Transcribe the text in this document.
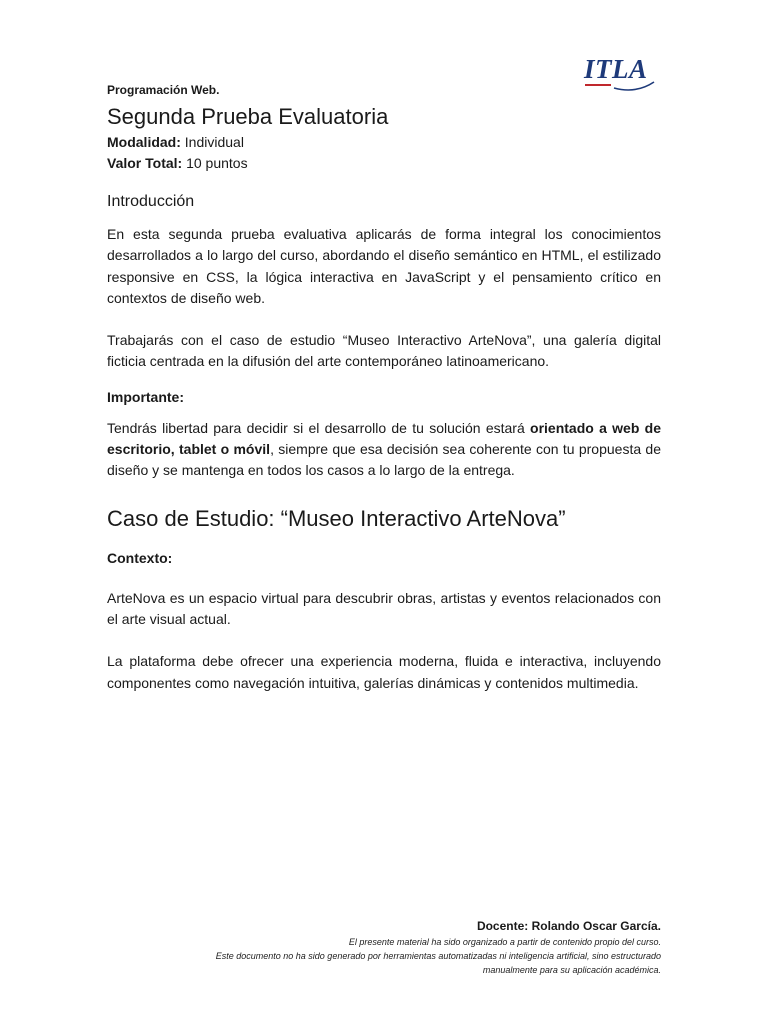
ITLA
Programación Web.
Segunda Prueba Evaluatoria
Modalidad: Individual
Valor Total: 10 puntos
Introducción

En esta segunda prueba evaluativa aplicarás de forma integral los conocimientos desarrollados a lo largo del curso, abordando el diseño semántico en HTML, el estilizado responsive en CSS, la lógica interactiva en JavaScript y el pensamiento crítico en contextos de diseño web.

Trabajarás con el caso de estudio “Museo Interactivo ArteNova”, una galería digital ficticia centrada en la difusión del arte contemporáneo latinoamericano.

Importante:

Tendrás libertad para decidir si el desarrollo de tu solución estará orientado a web de escritorio, tablet o móvil, siempre que esa decisión sea coherente con tu propuesta de diseño y se mantenga en todos los casos a lo largo de la entrega.

Caso de Estudio: “Museo Interactivo ArteNova”
Contexto:

ArteNova es un espacio virtual para descubrir obras, artistas y eventos relacionados con el arte visual actual.

La plataforma debe ofrecer una experiencia moderna, fluida e interactiva, incluyendo componentes como navegación intuitiva, galerías dinámicas y contenidos multimedia.

Docente: Rolando Oscar García.
El presente material ha sido organizado a partir de contenido propio del curso.
Este documento no ha sido generado por herramientas automatizadas ni inteligencia artificial, sino estructurado
manualmente para su aplicación académica.
